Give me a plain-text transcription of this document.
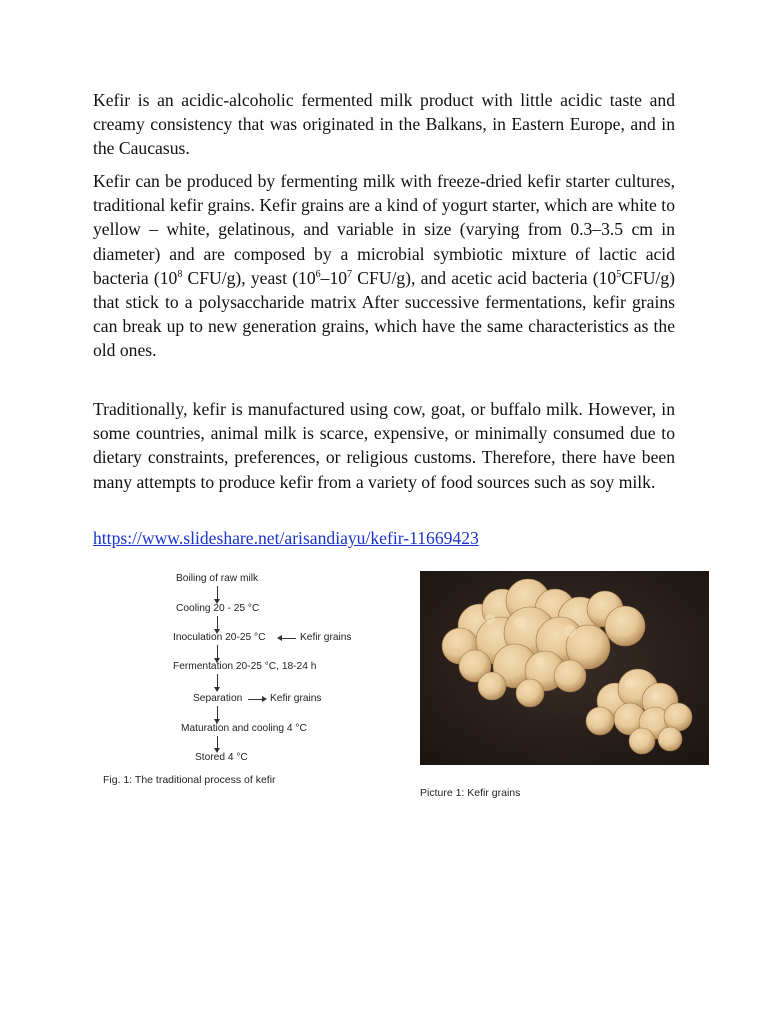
Kefir is an acidic-alcoholic fermented milk product with little acidic taste and creamy consistency that was originated in the Balkans, in Eastern Europe, and in the Caucasus.

Kefir can be produced by fermenting milk with freeze-dried kefir starter cultures, traditional kefir grains. Kefir grains are a kind of yogurt starter, which are white to yellow – white, gelatinous, and variable in size (varying from 0.3–3.5 cm in diameter) and are composed by a microbial symbiotic mixture of lactic acid bacteria ($10^8$ CFU/g), yeast ($10^6-10^7$ CFU/g), and acetic acid bacteria $(10^5CFU/g)$ that stick to a polysaccharide matrix After successive fermentations, kefir grains can break up to new generation grains, which have the same characteristics as the old ones.

Traditionally, kefir is manufactured using cow, goat, or buffalo milk. However, in some countries, animal milk is scarce, expensive, or minimally consumed due to dietary constraints, preferences, or religious customs. Therefore, there have been many attempts to produce kefir from a variety of food sources such as soy milk.

https://www.slideshare.net/arisandiayu/kefir-11669423
Boiling of raw milk
Cooling 20 - 25 °C
Inoculation 20-25 °C	Kefir grains
Fermentation 20-25 °C, 18-24 h
Separation	Kefir grains
Maturation and cooling 4 °C
Stored 4 °C
Fig. 1: The traditional process of kefir
Picture 1: Kefir grains
